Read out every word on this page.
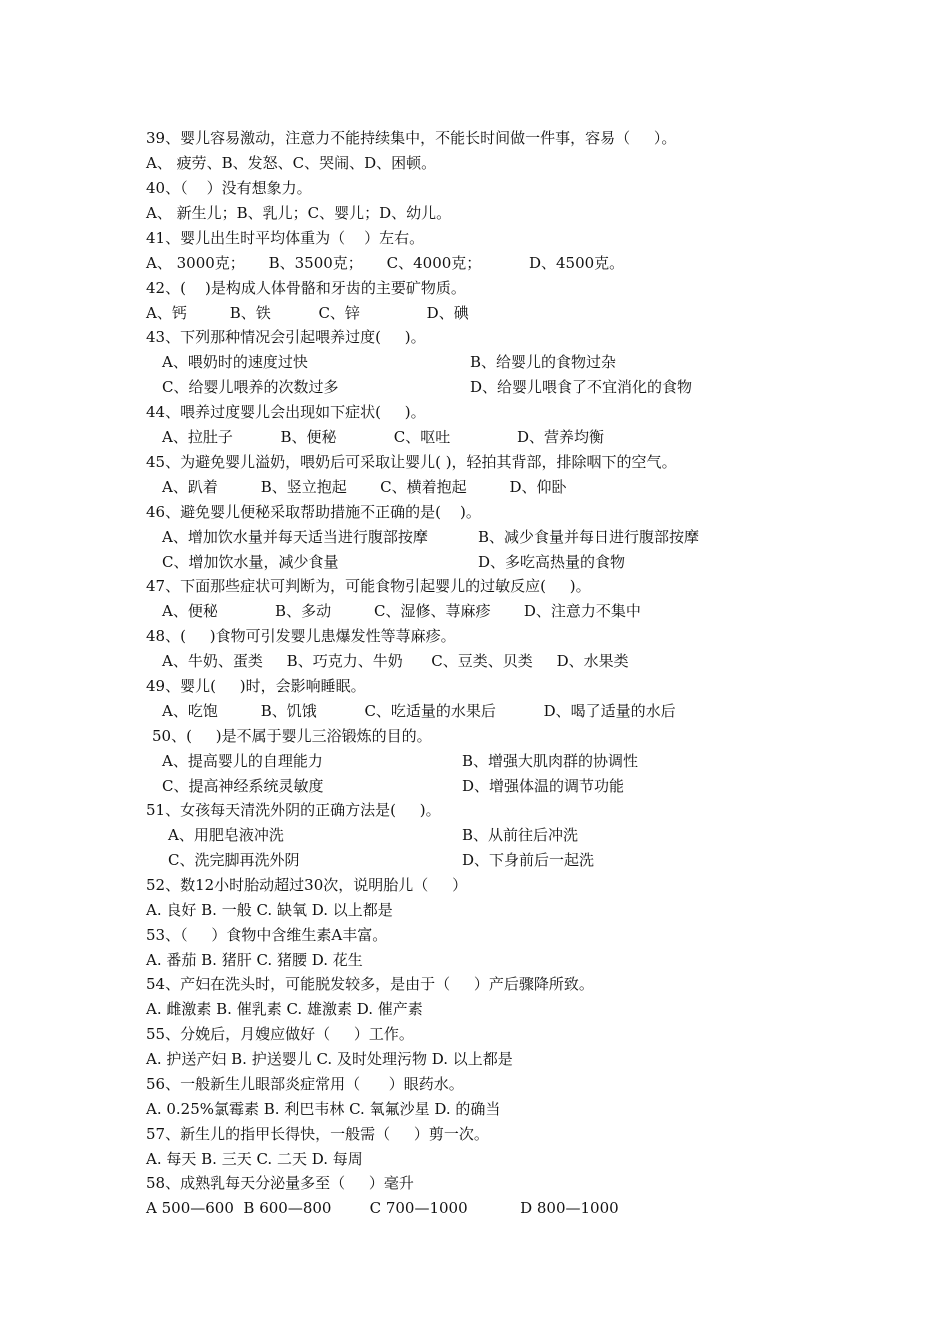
39、婴儿容易激动，注意力不能持续集中，不能长时间做一件事，容易（     ）。
A、 疲劳、B、发怒、C、哭闹、D、困顿。
40、（    ）没有想象力。
A、 新生儿；B、乳儿；C、婴儿；D、幼儿。
41、婴儿出生时平均体重为（    ）左右。
A、 3000克；     B、3500克；     C、4000克；          D、4500克。
42、(    )是构成人体骨骼和牙齿的主要矿物质。
A、钙         B、铁          C、锌              D、碘
43、下列那种情况会引起喂养过度(     )。
A、喂奶时的速度过快	B、给婴儿的食物过杂
C、给婴儿喂养的次数过多	D、给婴儿喂食了不宜消化的食物
44、喂养过度婴儿会出现如下症状(     )。
A、拉肚子          B、便秘            C、呕吐              D、营养均衡
45、为避免婴儿溢奶，喂奶后可采取让婴儿( )，轻拍其背部，排除咽下的空气。
A、趴着         B、竖立抱起       C、横着抱起         D、仰卧
46、避免婴儿便秘采取帮助措施不正确的是(    )。
A、增加饮水量并每天适当进行腹部按摩	B、减少食量并每日进行腹部按摩
C、增加饮水量，减少食量	D、多吃高热量的食物
47、下面那些症状可判断为，可能食物引起婴儿的过敏反应(     )。
A、便秘            B、多动         C、湿修、荨麻疹       D、注意力不集中
48、(     )食物可引发婴儿患爆发性等荨麻疹。
A、牛奶、蛋类     B、巧克力、牛奶      C、豆类、贝类     D、水果类
49、婴儿(     )时，会影响睡眠。
A、吃饱         B、饥饿          C、吃适量的水果后          D、喝了适量的水后
50、(     )是不属于婴儿三浴锻炼的目的。
A、提高婴儿的自理能力	B、增强大肌肉群的协调性
C、提高神经系统灵敏度	D、增强体温的调节功能
51、女孩每天清洗外阴的正确方法是(     )。
A、用肥皂液冲洗	B、从前往后冲洗
C、洗完脚再洗外阴	D、下身前后一起洗
52、数12小时胎动超过30次，说明胎儿（     ）
A. 良好 B. 一般 C. 缺氧 D. 以上都是
53、（     ）食物中含维生素A丰富。
A. 番茄 B. 猪肝 C. 猪腰 D. 花生
54、产妇在洗头时，可能脱发较多，是由于（     ）产后骤降所致。
A. 雌激素 B. 催乳素 C. 雄激素 D. 催产素
55、分娩后，月嫂应做好（     ）工作。
A. 护送产妇 B. 护送婴儿 C. 及时处理污物 D. 以上都是
56、一般新生儿眼部炎症常用（      ）眼药水。
A. 0.25%氯霉素 B. 利巴韦林 C. 氧氟沙星 D. 的确当
57、新生儿的指甲长得快，一般需（     ）剪一次。
A. 每天 B. 三天 C. 二天 D. 每周
58、成熟乳每天分泌量多至（     ）毫升
A 500—600  B 600—800        C 700—1000           D 800—1000
